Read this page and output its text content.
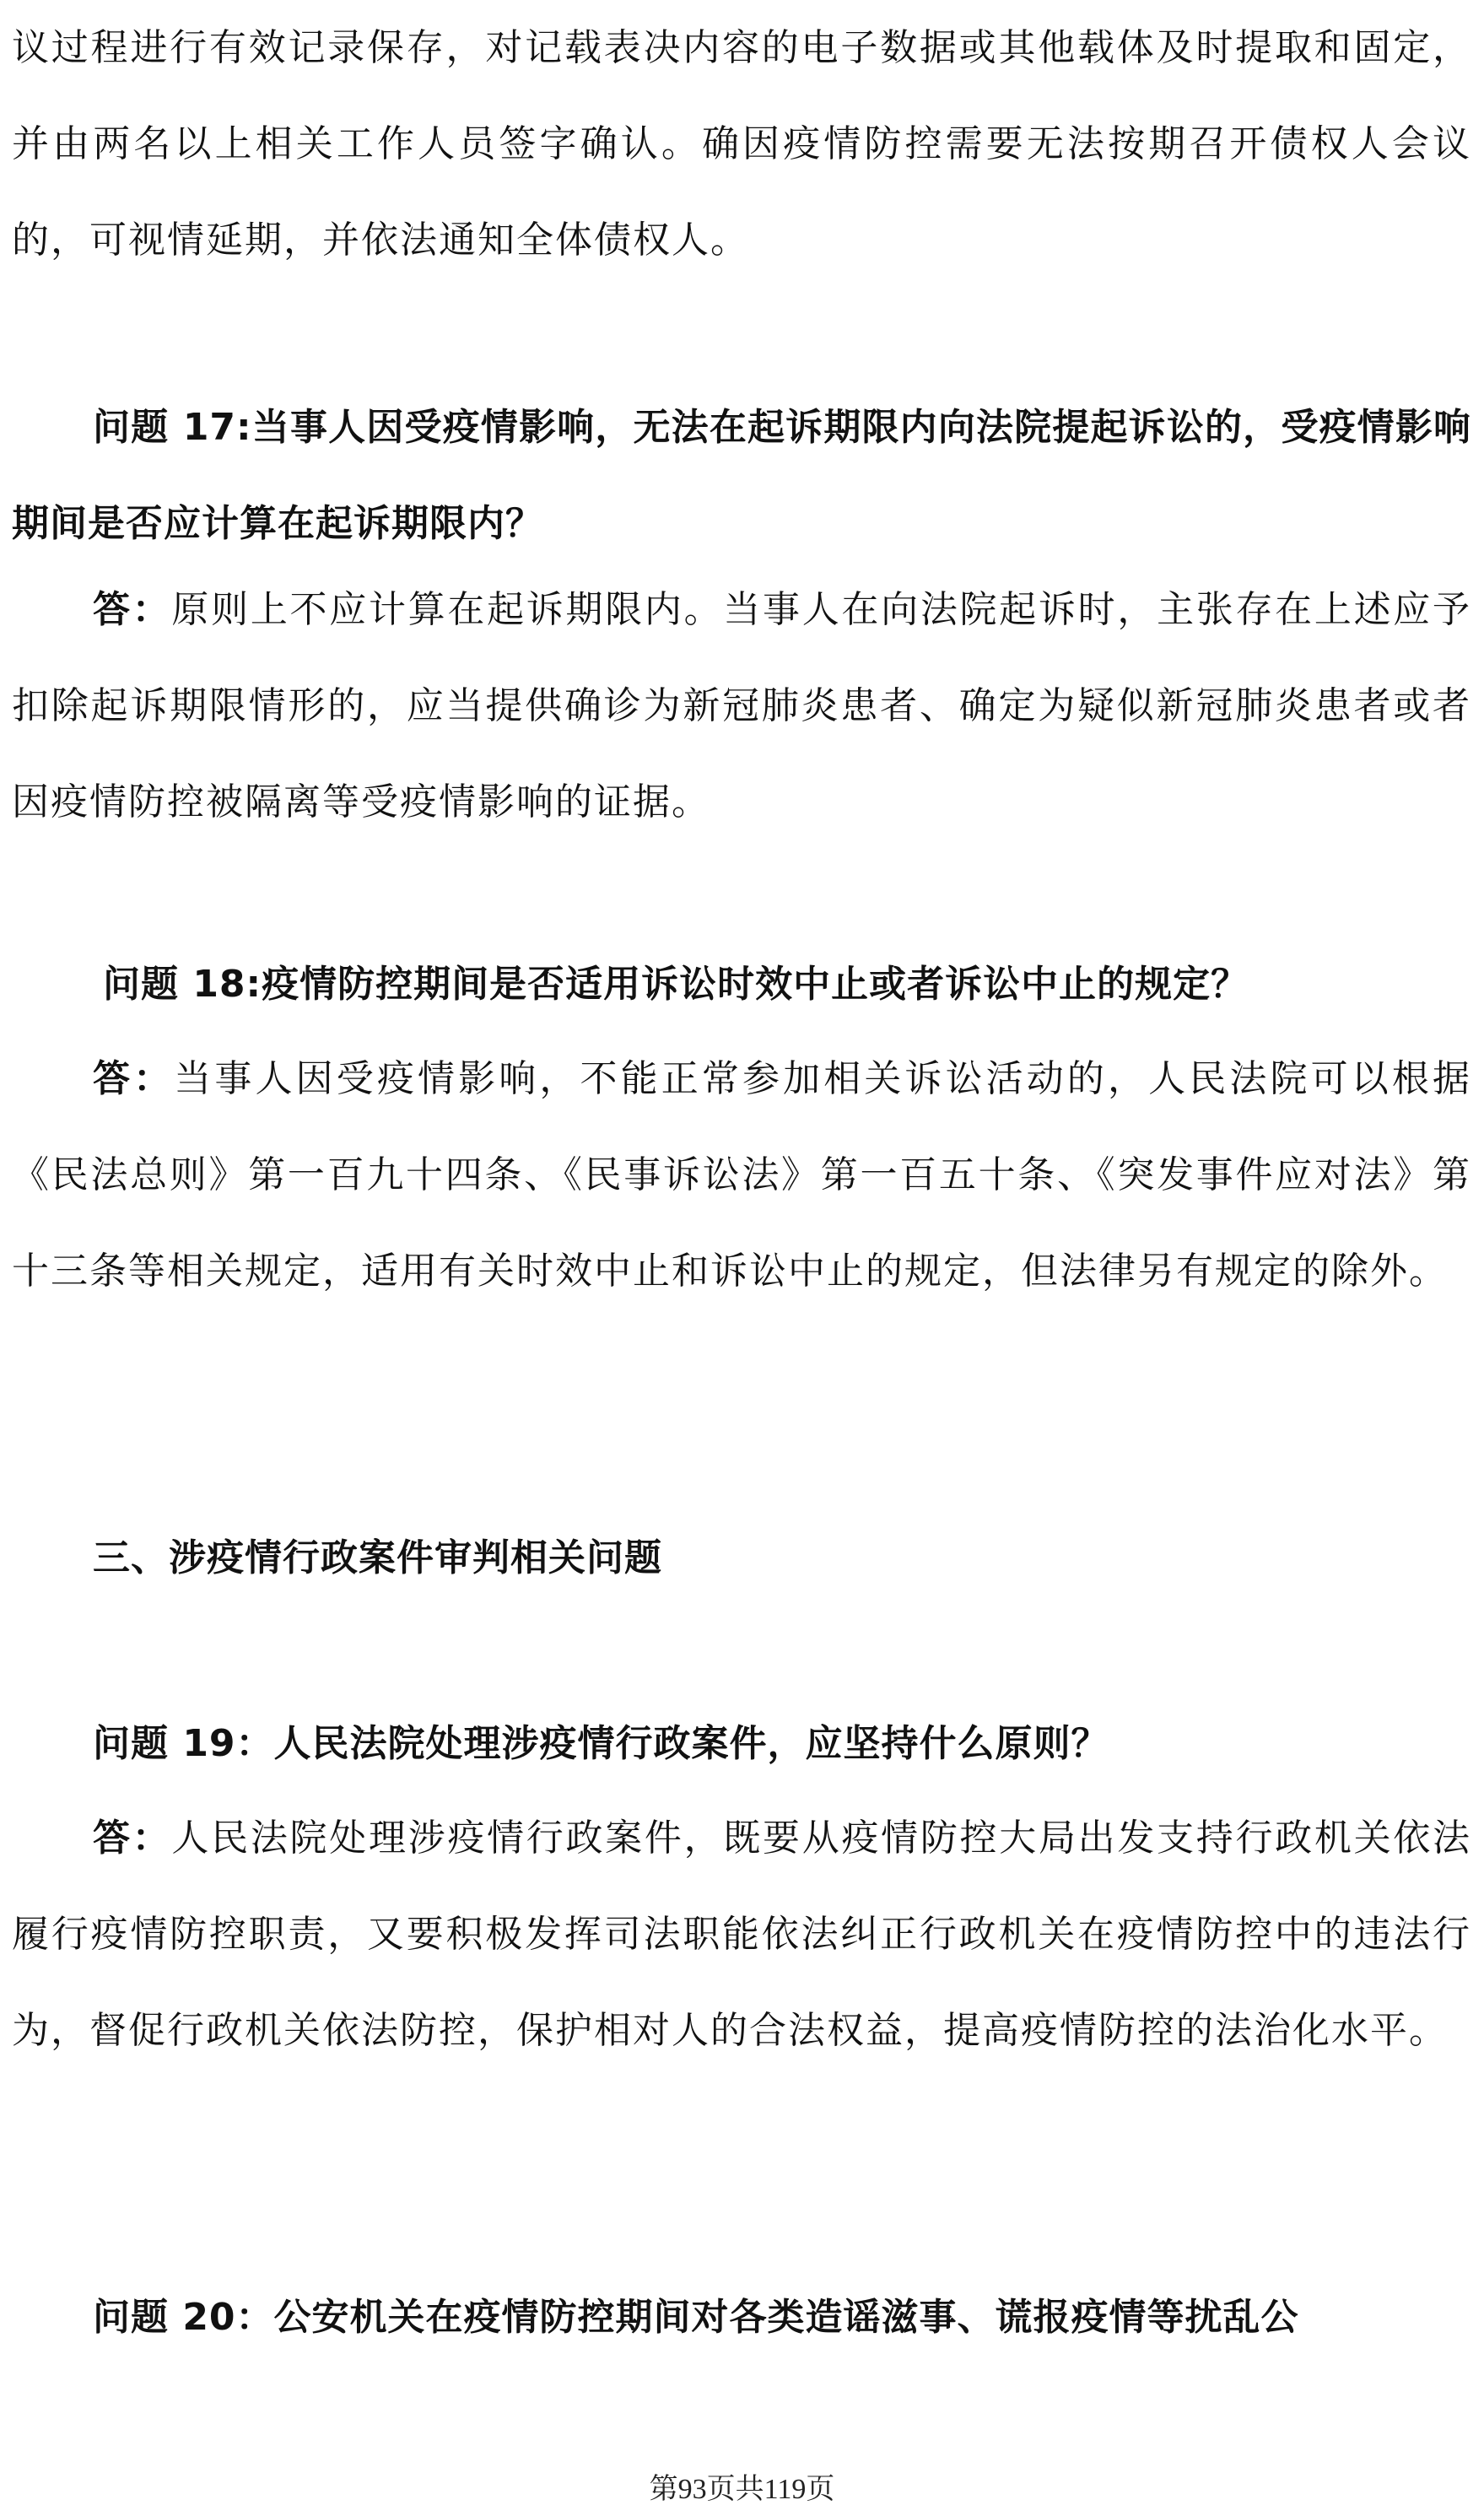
议过程进行有效记录保存，对记载表决内容的电子数据或其他载体及时提取和固定，并由两名以上相关工作人员签字确认。确因疫情防控需要无法按期召开债权人会议的，可视情延期，并依法通知全体债权人。

问题 17:当事人因受疫情影响，无法在起诉期限内向法院提起诉讼的，受疫情影响期间是否应计算在起诉期限内？

答：原则上不应计算在起诉期限内。当事人在向法院起诉时，主张存在上述应予扣除起诉期限情形的，应当提供确诊为新冠肺炎患者、确定为疑似新冠肺炎患者或者因疫情防控被隔离等受疫情影响的证据。

问题 18:疫情防控期间是否适用诉讼时效中止或者诉讼中止的规定？

答：当事人因受疫情影响，不能正常参加相关诉讼活动的，人民法院可以根据《民法总则》第一百九十四条、《民事诉讼法》第一百五十条、《突发事件应对法》第十三条等相关规定，适用有关时效中止和诉讼中止的规定，但法律另有规定的除外。

三、涉疫情行政案件审判相关问题

问题 19：人民法院处理涉疫情行政案件，应坚持什么原则？

答：人民法院处理涉疫情行政案件，既要从疫情防控大局出发支持行政机关依法履行疫情防控职责，又要积极发挥司法职能依法纠正行政机关在疫情防控中的违法行为，督促行政机关依法防控，保护相对人的合法权益，提高疫情防控的法治化水平。

问题 20：公安机关在疫情防控期间对各类造谣滋事、谎报疫情等扰乱公

第93页共119页
